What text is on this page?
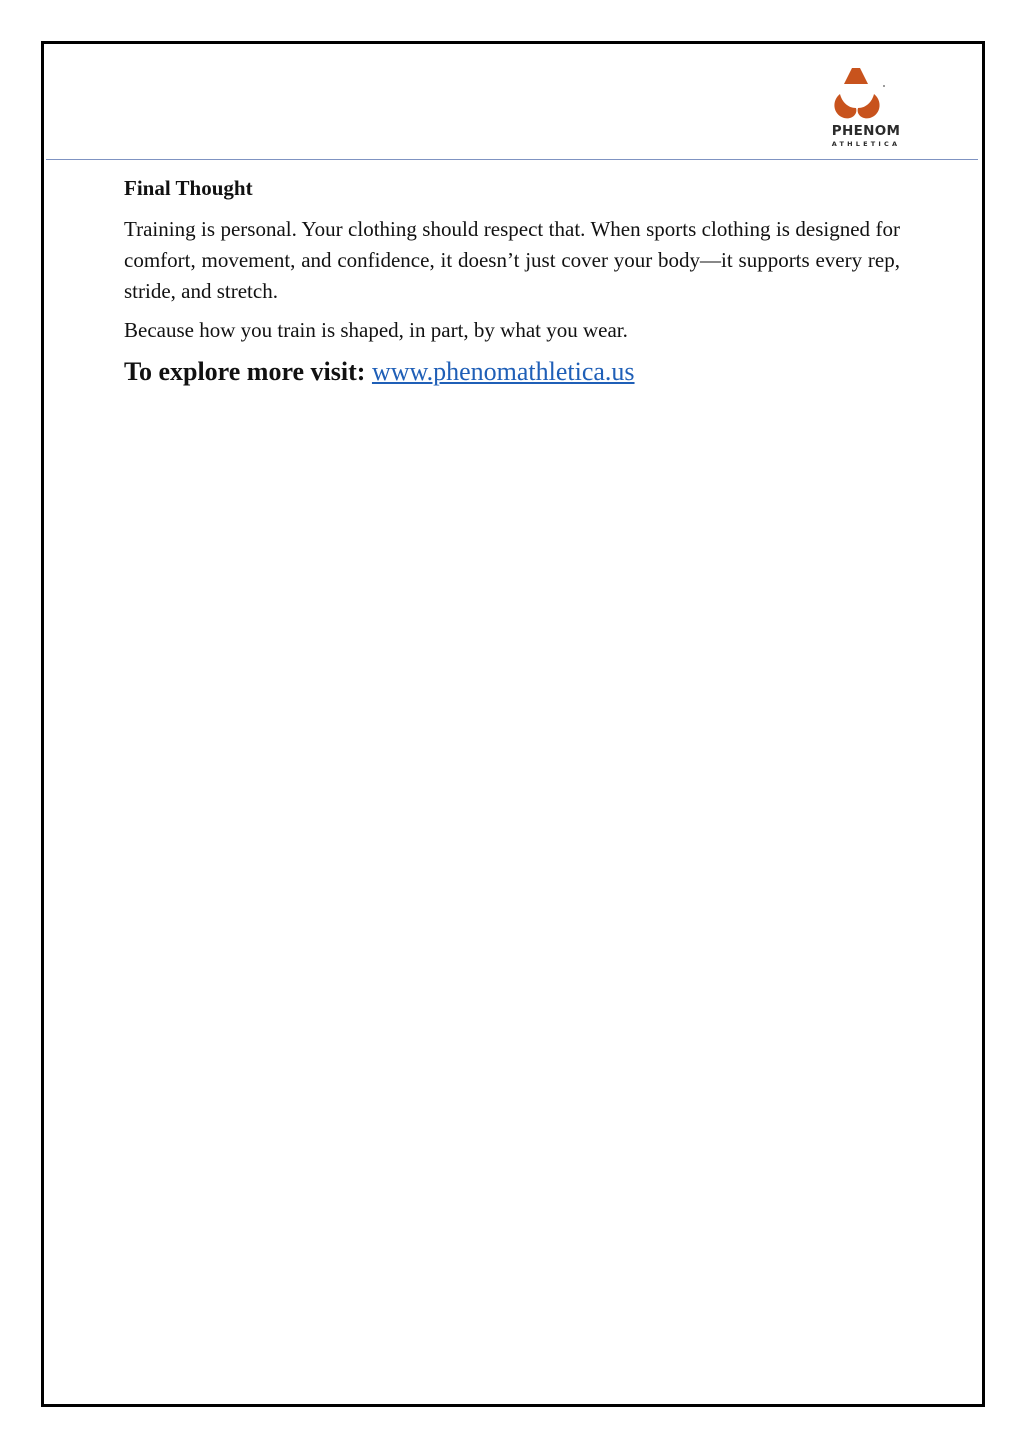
PHENOM
ATHLETICA
Final Thought

Training is personal. Your clothing should respect that. When sports clothing is designed for comfort, movement, and confidence, it doesn’t just cover your body—it supports every rep, stride, and stretch.

Because how you train is shaped, in part, by what you wear.

To explore more visit: www.phenomathletica.us
